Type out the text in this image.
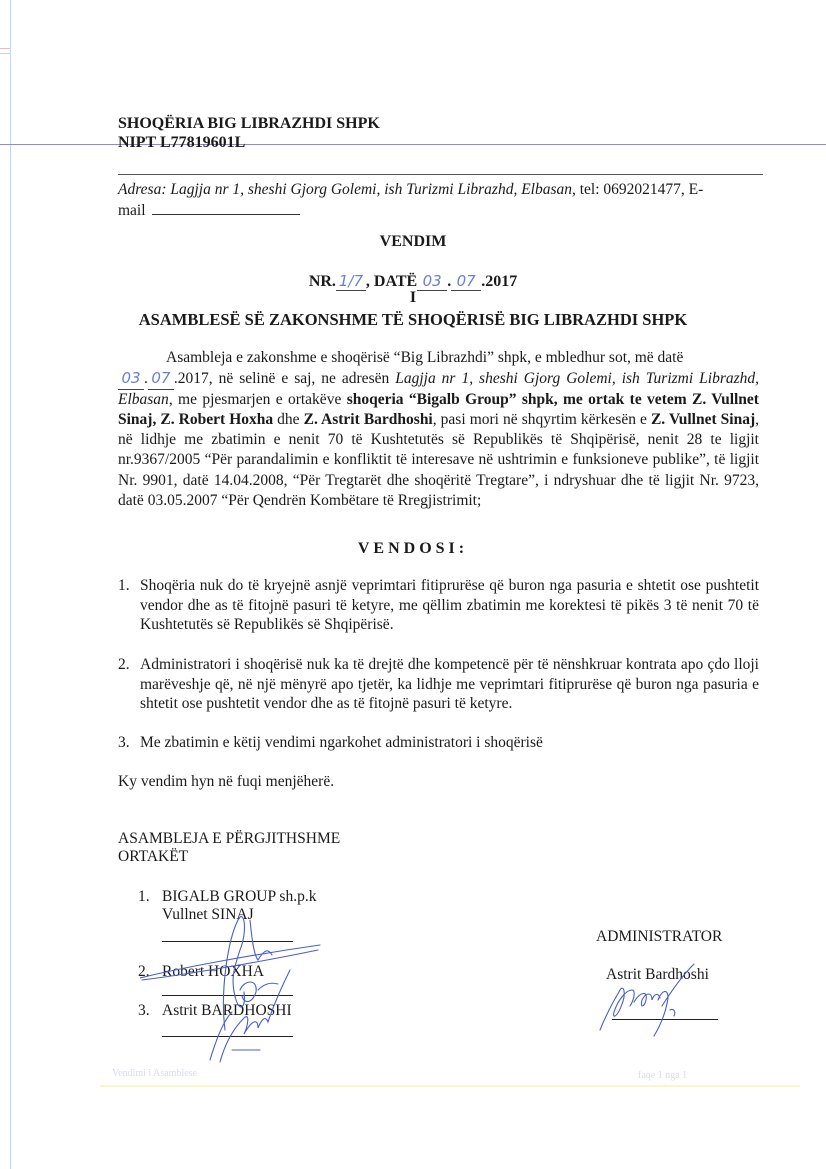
SHOQËRIA BIG LIBRAZHDI SHPK
NIPT L77819601L
Adresa: Lagjja nr 1, sheshi Gjorg Golemi, ish Turizmi Librazhd, Elbasan, tel: 0692021477, E-
mail
VENDIM
NR. 1/7 , DATË 03 . 07 .2017
I
ASAMBLESË SË ZAKONSHME TË SHOQËRISË BIG LIBRAZHDI SHPK
Asambleja e zakonshme e shoqërisë “Big Librazhdi” shpk, e mbledhur sot, më datë
03 . 07 .2017, në selinë e saj, ne adresën Lagjja nr 1, sheshi Gjorg Golemi, ish Turizmi Librazhd, Elbasan, me pjesmarjen e ortakëve shoqeria “Bigalb Group” shpk, me ortak te vetem Z. Vullnet Sinaj, Z. Robert Hoxha dhe Z. Astrit Bardhoshi, pasi mori në shqyrtim kërkesën e Z. Vullnet Sinaj, në lidhje me zbatimin e nenit 70 të Kushtetutës së Republikës të Shqipërisë, nenit 28 te ligjit nr.9367/2005 “Për parandalimin e konfliktit të interesave në ushtrimin e funksioneve publike”, të ligjit Nr. 9901, datë 14.04.2008, “Për Tregtarët dhe shoqëritë Tregtare”, i ndryshuar dhe të ligjit Nr. 9723, datë 03.05.2007 “Për Qendrën Kombëtare të Rregjistrimit;
VENDOSI:
1. Shoqëria nuk do të kryejnë asnjë veprimtari fitiprurëse që buron nga pasuria e shtetit ose pushtetit vendor dhe as të fitojnë pasuri të ketyre, me qëllim zbatimin me korektesi të pikës 3 të nenit 70 të Kushtetutës së Republikës së Shqipërisë.
2. Administratori i shoqërisë nuk ka të drejtë dhe kompetencë për të nënshkruar kontrata apo çdo lloji marëveshje që, në një mënyrë apo tjetër, ka lidhje me veprimtari fitiprurëse që buron nga pasuria e shtetit ose pushtetit vendor dhe as të fitojnë pasuri të ketyre.
3. Me zbatimin e këtij vendimi ngarkohet administratori i shoqërisë
Ky vendim hyn në fuqi menjëherë.
ASAMBLEJA E PËRGJITHSHME
ORTAKËT
1. BIGALB GROUP sh.p.k
Vullnet SINAJ
2. Robert HOXHA
3. Astrit BARDHOSHI
ADMINISTRATOR
Astrit Bardhoshi
Vendimi i Asamblese	faqe 1 nga 1
